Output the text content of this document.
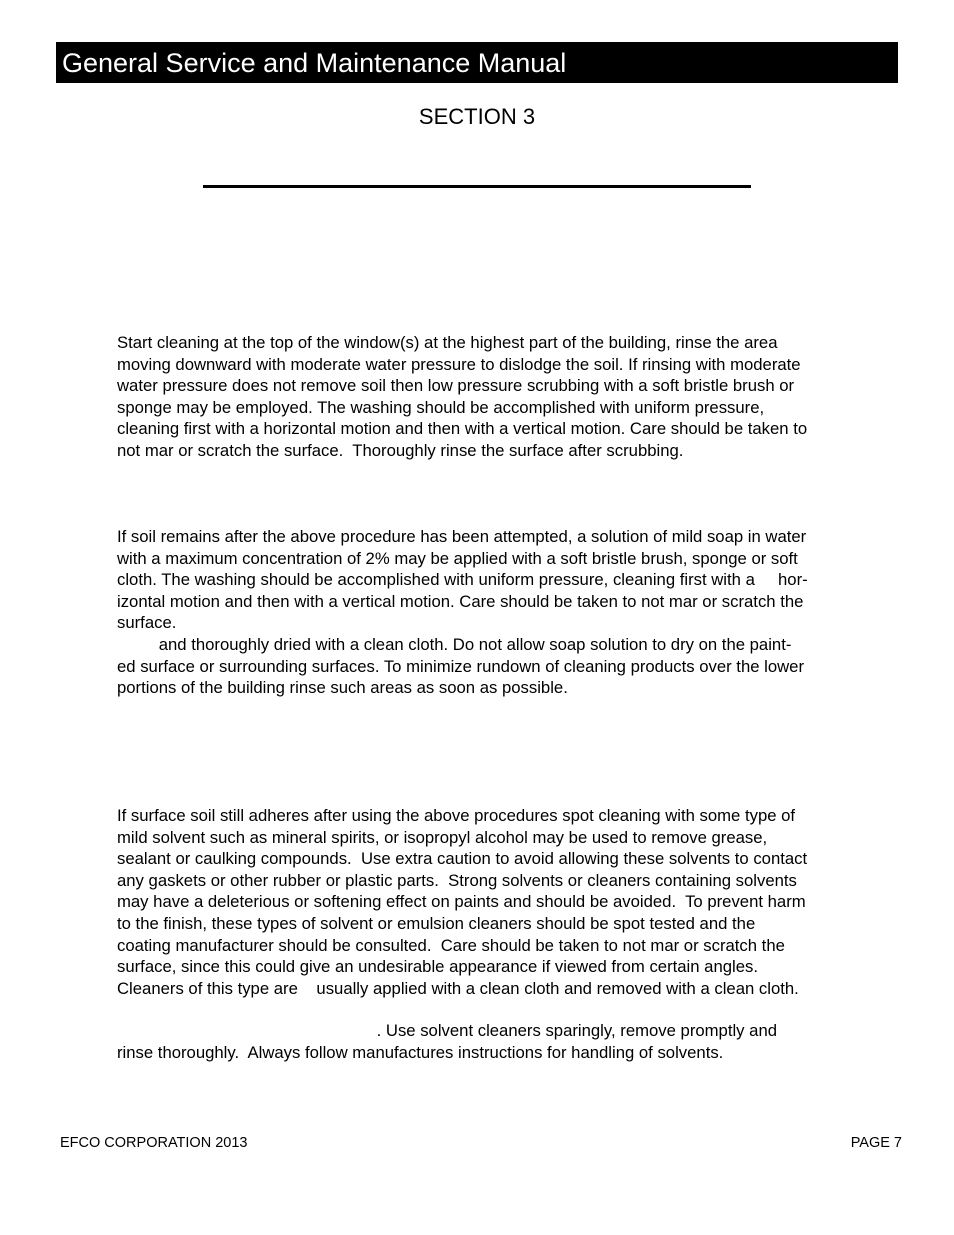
General Service and Maintenance Manual
SECTION 3
Start cleaning at the top of the window(s) at the highest part of the building, rinse the area
moving downward with moderate water pressure to dislodge the soil. If rinsing with moderate
water pressure does not remove soil then low pressure scrubbing with a soft bristle brush or
sponge may be employed. The washing should be accomplished with uniform pressure,
cleaning first with a horizontal motion and then with a vertical motion. Care should be taken to
not mar or scratch the surface.  Thoroughly rinse the surface after scrubbing.
If soil remains after the above procedure has been attempted, a solution of mild soap in water
with a maximum concentration of 2% may be applied with a soft bristle brush, sponge or soft
cloth. The washing should be accomplished with uniform pressure, cleaning first with a     hor-
izontal motion and then with a vertical motion. Care should be taken to not mar or scratch the
surface.
and thoroughly dried with a clean cloth. Do not allow soap solution to dry on the paint-
ed surface or surrounding surfaces. To minimize rundown of cleaning products over the lower
portions of the building rinse such areas as soon as possible.
If surface soil still adheres after using the above procedures spot cleaning with some type of
mild solvent such as mineral spirits, or isopropyl alcohol may be used to remove grease,
sealant or caulking compounds.  Use extra caution to avoid allowing these solvents to contact
any gaskets or other rubber or plastic parts.  Strong solvents or cleaners containing solvents
may have a deleterious or softening effect on paints and should be avoided.  To prevent harm
to the finish, these types of solvent or emulsion cleaners should be spot tested and the
coating manufacturer should be consulted.  Care should be taken to not mar or scratch the
surface, since this could give an undesirable appearance if viewed from certain angles.
Cleaners of this type are    usually applied with a clean cloth and removed with a clean cloth.
. Use solvent cleaners sparingly, remove promptly and
rinse thoroughly.  Always follow manufactures instructions for handling of solvents.
EFCO CORPORATION 2013	PAGE 7
